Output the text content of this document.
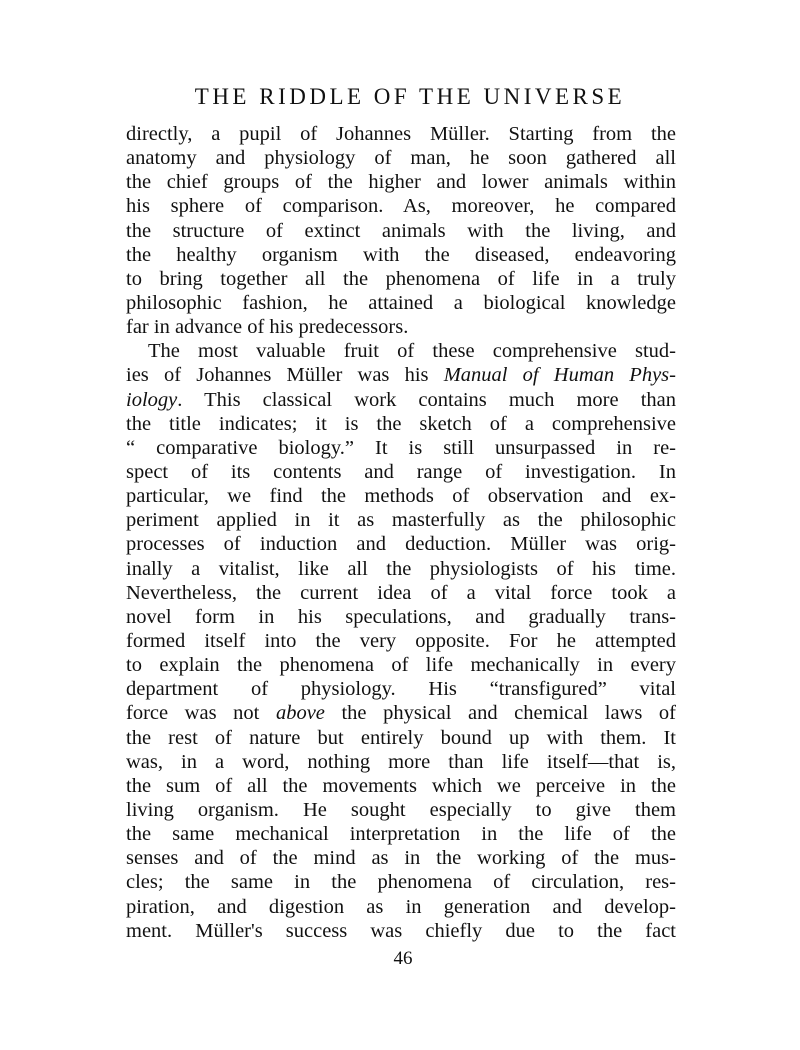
THE RIDDLE OF THE UNIVERSE
directly, a pupil of Johannes Müller. Starting from the
anatomy and physiology of man, he soon gathered all
the chief groups of the higher and lower animals within
his sphere of comparison. As, moreover, he compared
the structure of extinct animals with the living, and
the healthy organism with the diseased, endeavoring
to bring together all the phenomena of life in a truly
philosophic fashion, he attained a biological knowledge
far in advance of his predecessors.
The most valuable fruit of these comprehensive stud-
ies of Johannes Müller was his Manual of Human Phys-
iology. This classical work contains much more than
the title indicates; it is the sketch of a comprehensive
“ comparative biology.” It is still unsurpassed in re-
spect of its contents and range of investigation. In
particular, we find the methods of observation and ex-
periment applied in it as masterfully as the philosophic
processes of induction and deduction. Müller was orig-
inally a vitalist, like all the physiologists of his time.
Nevertheless, the current idea of a vital force took a
novel form in his speculations, and gradually trans-
formed itself into the very opposite. For he attempted
to explain the phenomena of life mechanically in every
department of physiology. His “transfigured” vital
force was not above the physical and chemical laws of
the rest of nature but entirely bound up with them. It
was, in a word, nothing more than life itself—that is,
the sum of all the movements which we perceive in the
living organism. He sought especially to give them
the same mechanical interpretation in the life of the
senses and of the mind as in the working of the mus-
cles; the same in the phenomena of circulation, res-
piration, and digestion as in generation and develop-
ment. Müller's success was chiefly due to the fact
46
